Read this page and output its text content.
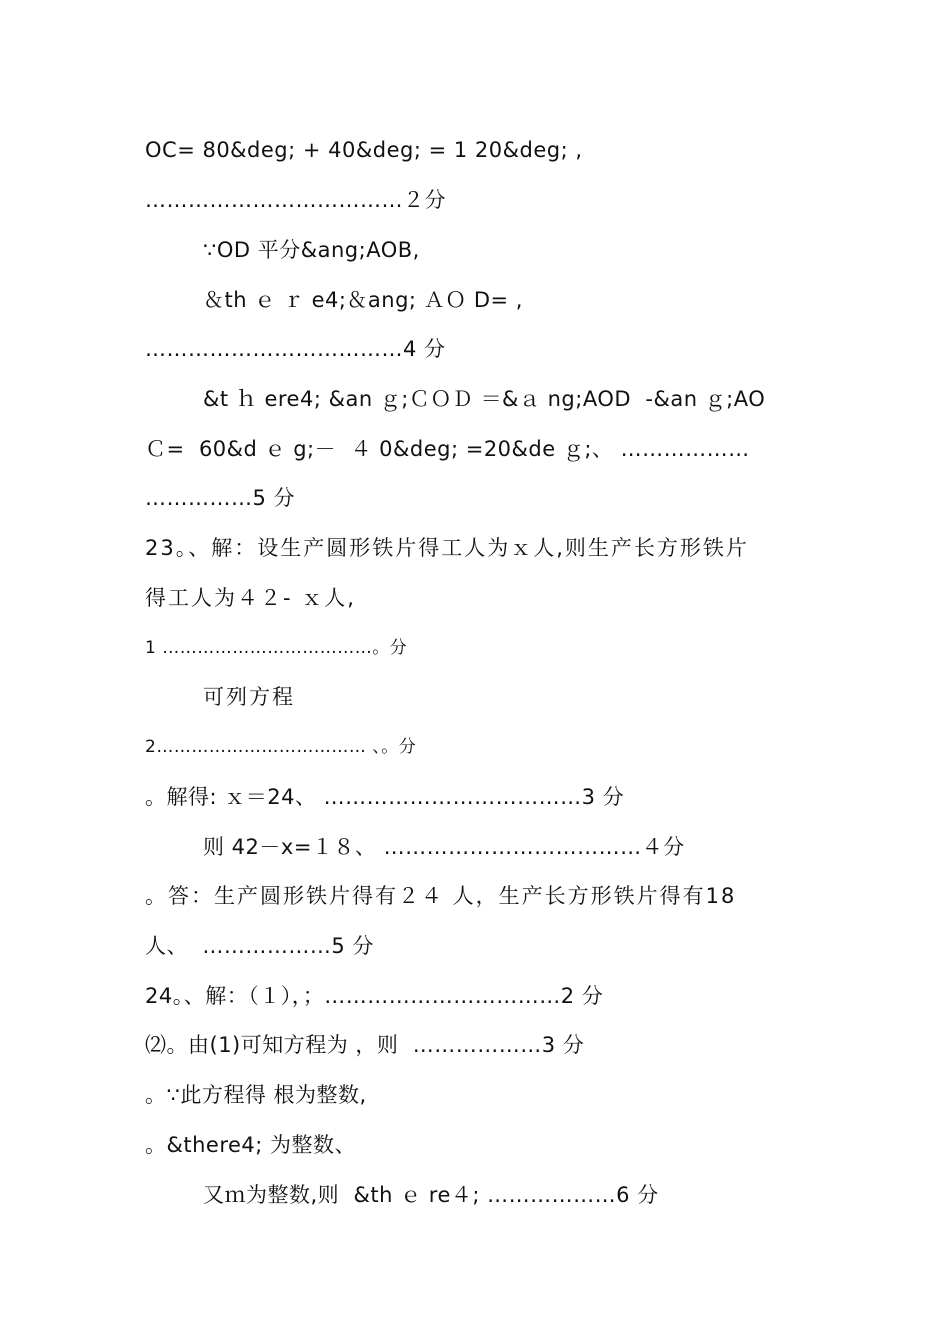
OC= 80&deg; + 40&deg; = 1 20&deg; ,
………………………………２分
∵OD 平分&ang;AOB,
＆th ｅ ｒ e4;＆ang; ＡＯ D= ,
………………………………4 分
&t ｈ ere4; &an ｇ;ＣＯＤ ＝&ａ ng;AOD  -&an ｇ;AO
Ｃ=  60&d ｅ g;－  ４ 0&deg; =20&de ｇ;、 ………………
……………5 分
23。、解：设生产圆形铁片得工人为ｘ人,则生产长方形铁片
得工人为４２- ｘ人,
1 ………………………………。分
可列方程
2……………………………… 、。分
。解得: ｘ＝24、 ………………………………3 分
则 42－x=１８、 ………………………………４分
。答：生产圆形铁片得有２４ 人，生产长方形铁片得有18
人、  ………………5 分
24。、解：（１），；……………………………2 分
⑵。由(1)可知方程为 ，则  ………………3 分
。∵此方程得 根为整数,
。&there4; 为整数、
又ｍ为整数,则  &th ｅ re４; ………………6 分
